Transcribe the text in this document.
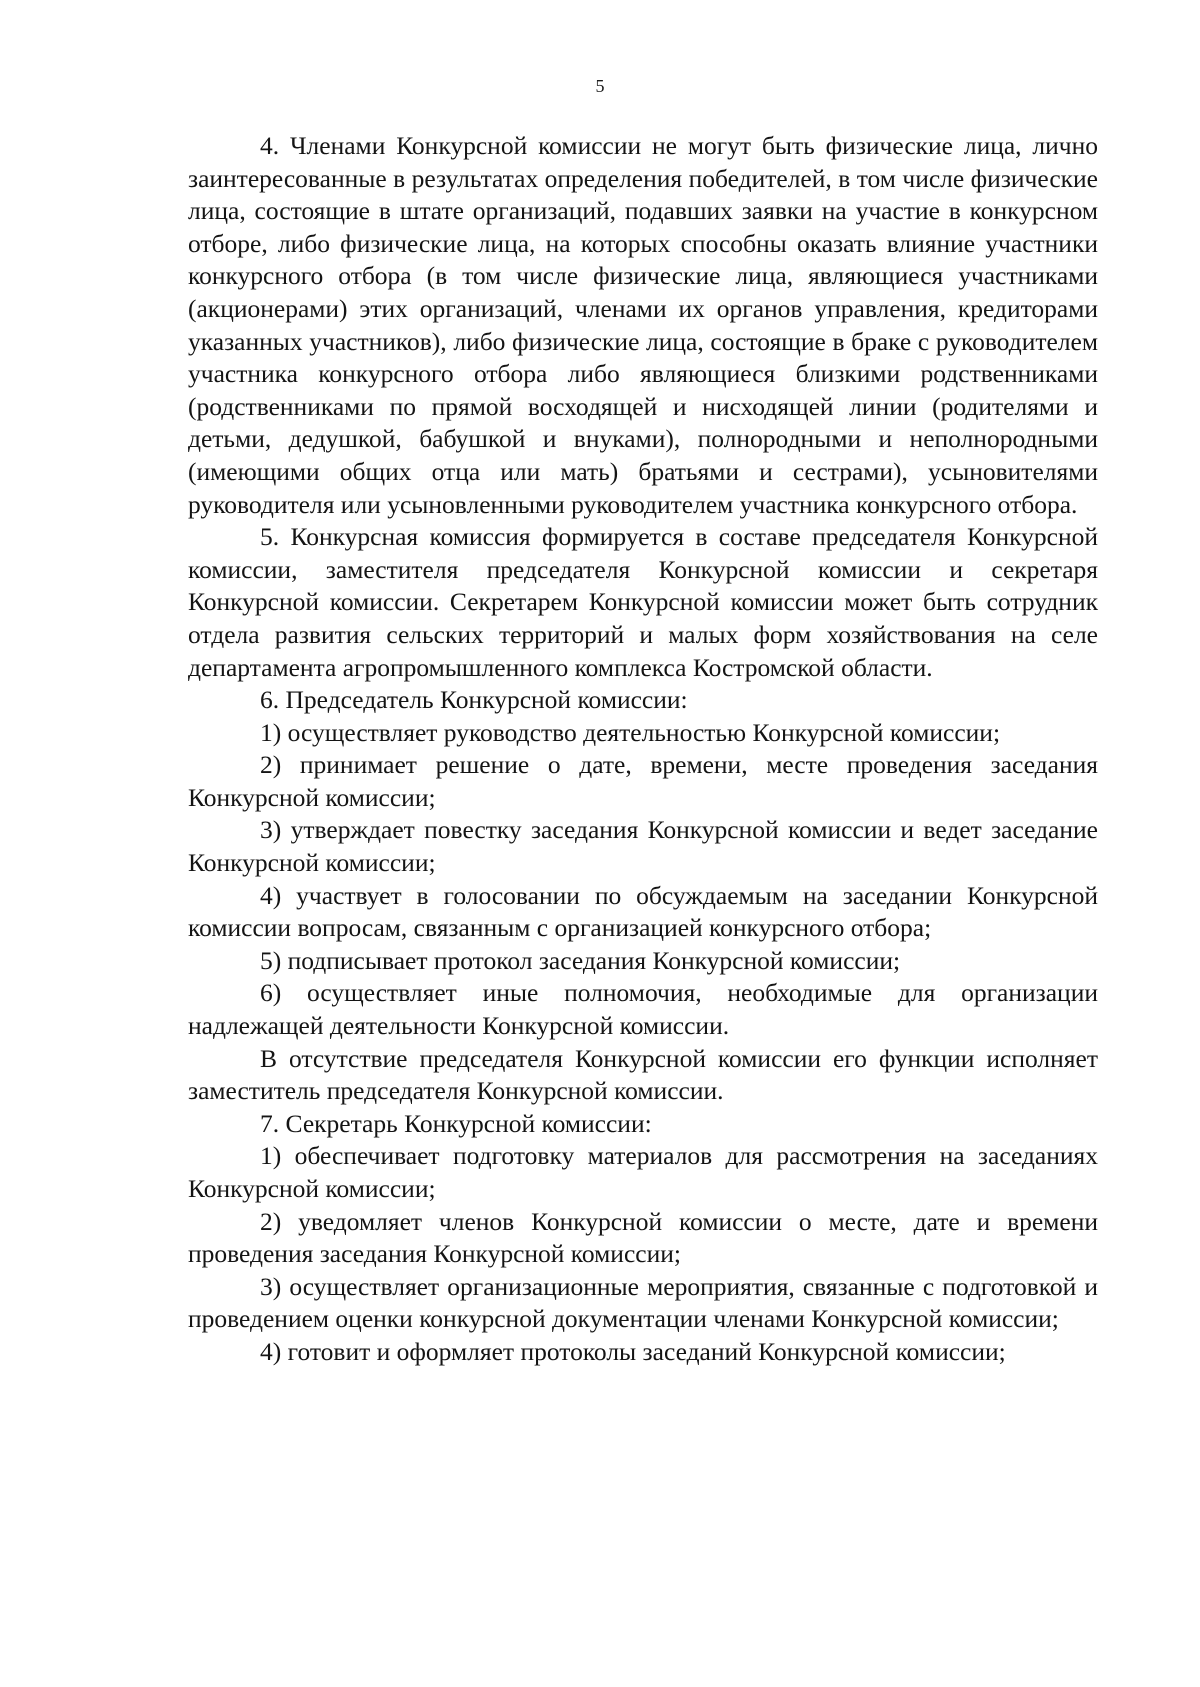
5

4. Членами Конкурсной комиссии не могут быть физические лица, лично заинтересованные в результатах определения победителей, в том числе физические лица, состоящие в штате организаций, подавших заявки на участие в конкурсном отборе, либо физические лица, на которых способны оказать влияние участники конкурсного отбора (в том числе физические лица, являющиеся участниками (акционерами) этих организаций, членами их органов управления, кредиторами указанных участников), либо физические лица, состоящие в браке с руководителем участника конкурсного отбора либо являющиеся близкими родственниками (родственниками по прямой восходящей и нисходящей линии (родителями и детьми, дедушкой, бабушкой и внуками), полнородными и неполнородными (имеющими общих отца или мать) братьями и сестрами), усыновителями руководителя или усыновленными руководителем участника конкурсного отбора.

5. Конкурсная комиссия формируется в составе председателя Конкурсной комиссии, заместителя председателя Конкурсной комиссии и секретаря Конкурсной комиссии. Секретарем Конкурсной комиссии может быть сотрудник отдела развития сельских территорий и малых форм хозяйствования на селе департамента агропромышленного комплекса Костромской области.

6. Председатель Конкурсной комиссии:

1) осуществляет руководство деятельностью Конкурсной комиссии;

2) принимает решение о дате, времени, месте проведения заседания Конкурсной комиссии;

3) утверждает повестку заседания Конкурсной комиссии и ведет заседание Конкурсной комиссии;

4) участвует в голосовании по обсуждаемым на заседании Конкурсной комиссии вопросам, связанным с организацией конкурсного отбора;

5) подписывает протокол заседания Конкурсной комиссии;

6) осуществляет иные полномочия, необходимые для организации надлежащей деятельности Конкурсной комиссии.

В отсутствие председателя Конкурсной комиссии его функции исполняет заместитель председателя Конкурсной комиссии.

7. Секретарь Конкурсной комиссии:

1) обеспечивает подготовку материалов для рассмотрения на заседаниях Конкурсной комиссии;

2) уведомляет членов Конкурсной комиссии о месте, дате и времени проведения заседания Конкурсной комиссии;

3) осуществляет организационные мероприятия, связанные с подготовкой и проведением оценки конкурсной документации членами Конкурсной комиссии;

4) готовит и оформляет протоколы заседаний Конкурсной комиссии;
